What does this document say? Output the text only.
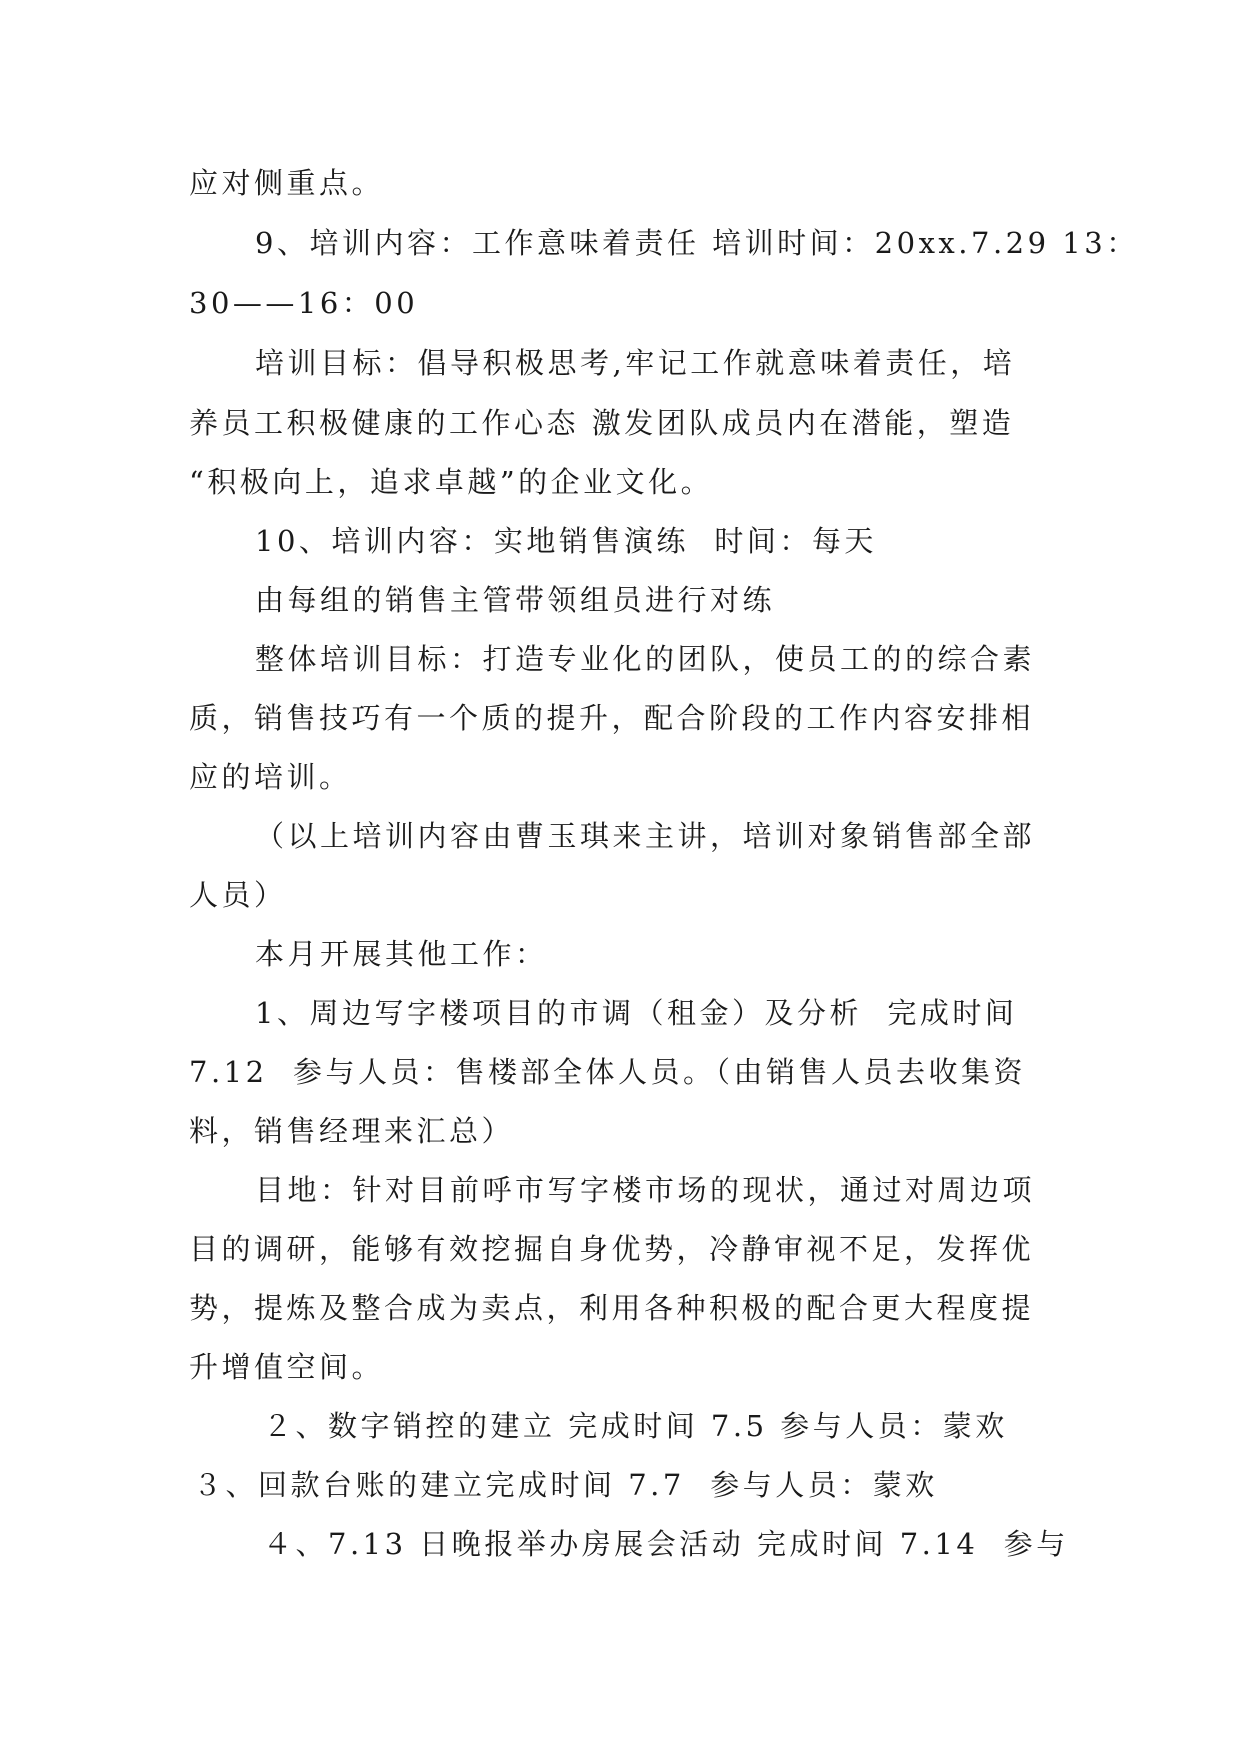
应对侧重点。
9、培训内容：工作意味着责任 培训时间：20xx.7.29 13：
30——16：00
培训目标：倡导积极思考,牢记工作就意味着责任，培
养员工积极健康的工作心态 激发团队成员内在潜能，塑造
“积极向上，追求卓越”的企业文化。
10、培训内容：实地销售演练  时间：每天
由每组的销售主管带领组员进行对练
整体培训目标：打造专业化的团队，使员工的的综合素
质，销售技巧有一个质的提升，配合阶段的工作内容安排相
应的培训。
（以上培训内容由曹玉琪来主讲，培训对象销售部全部
人员）
本月开展其他工作：
1、周边写字楼项目的市调（租金）及分析  完成时间
7.12  参与人员：售楼部全体人员。（由销售人员去收集资
料，销售经理来汇总）
目地：针对目前呼市写字楼市场的现状，通过对周边项
目的调研，能够有效挖掘自身优势，冷静审视不足，发挥优
势，提炼及整合成为卖点，利用各种积极的配合更大程度提
升增值空间。
２、数字销控的建立 完成时间 7.5 参与人员：蒙欢
３、回款台账的建立完成时间 7.7  参与人员：蒙欢
４、7.13 日晚报举办房展会活动 完成时间 7.14  参与
